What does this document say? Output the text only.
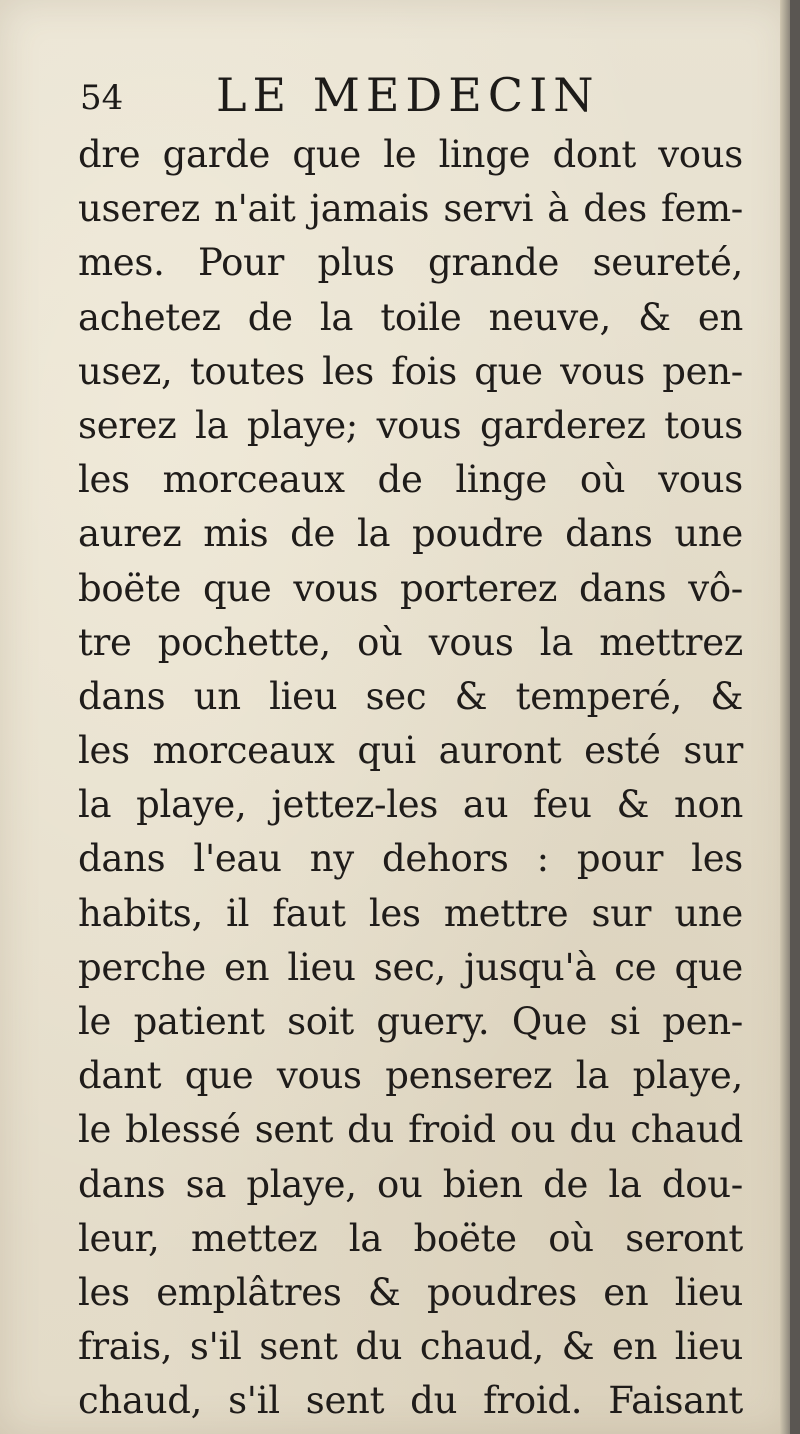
54 LE MEDECIN
dre garde que le linge dont vous
userez n'ait jamais servi à des fem-
mes. Pour plus grande seureté,
achetez de la toile neuve, & en
usez, toutes les fois que vous pen-
serez la playe; vous garderez tous
les morceaux de linge où vous
aurez mis de la poudre dans une
boëte que vous porterez dans vô-
tre pochette, où vous la mettrez
dans un lieu sec & temperé, &
les morceaux qui auront esté sur
la playe, jettez-les au feu & non
dans l'eau ny dehors : pour les
habits, il faut les mettre sur une
perche en lieu sec, jusqu'à ce que
le patient soit guery. Que si pen-
dant que vous penserez la playe,
le blessé sent du froid ou du chaud
dans sa playe, ou bien de la dou-
leur, mettez la boëte où seront
les emplâtres & poudres en lieu
frais, s'il sent du chaud, & en lieu
chaud, s'il sent du froid. Faisant
